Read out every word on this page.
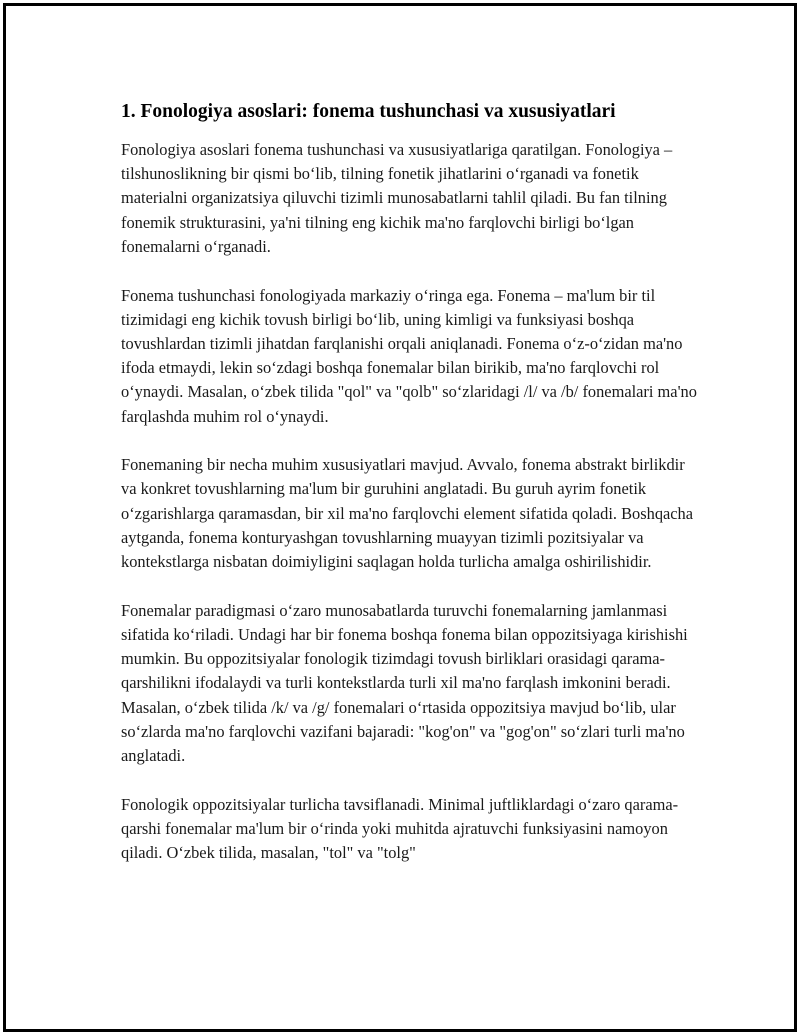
1. Fonologiya asoslari: fonema tushunchasi va xususiyatlari

Fonologiya asoslari fonema tushunchasi va xususiyatlariga qaratilgan. Fonologiya – tilshunoslikning bir qismi bo‘lib, tilning fonetik jihatlarini o‘rganadi va fonetik materialni organizatsiya qiluvchi tizimli munosabatlarni tahlil qiladi. Bu fan tilning fonemik strukturasini, ya'ni tilning eng kichik ma'no farqlovchi birligi bo‘lgan fonemalarni o‘rganadi.

Fonema tushunchasi fonologiyada markaziy o‘ringa ega. Fonema – ma'lum bir til tizimidagi eng kichik tovush birligi bo‘lib, uning kimligi va funksiyasi boshqa tovushlardan tizimli jihatdan farqlanishi orqali aniqlanadi. Fonema o‘z-o‘zidan ma'no ifoda etmaydi, lekin so‘zdagi boshqa fonemalar bilan birikib, ma'no farqlovchi rol o‘ynaydi. Masalan, o‘zbek tilida "qol" va "qolb" so‘zlaridagi /l/ va /b/ fonemalari ma'no farqlashda muhim rol o‘ynaydi.

Fonemaning bir necha muhim xususiyatlari mavjud. Avvalo, fonema abstrakt birlikdir va konkret tovushlarning ma'lum bir guruhini anglatadi. Bu guruh ayrim fonetik o‘zgarishlarga qaramasdan, bir xil ma'no farqlovchi element sifatida qoladi. Boshqacha aytganda, fonema konturyashgan tovushlarning muayyan tizimli pozitsiyalar va kontekstlarga nisbatan doimiyligini saqlagan holda turlicha amalga oshirilishidir.

Fonemalar paradigmasi o‘zaro munosabatlarda turuvchi fonemalarning jamlanmasi sifatida ko‘riladi. Undagi har bir fonema boshqa fonema bilan oppozitsiyaga kirishishi mumkin. Bu oppozitsiyalar fonologik tizimdagi tovush birliklari orasidagi qarama-qarshilikni ifodalaydi va turli kontekstlarda turli xil ma'no farqlash imkonini beradi. Masalan, o‘zbek tilida /k/ va /g/ fonemalari o‘rtasida oppozitsiya mavjud bo‘lib, ular so‘zlarda ma'no farqlovchi vazifani bajaradi: "kog'on" va "gog'on" so‘zlari turli ma'no anglatadi.

Fonologik oppozitsiyalar turlicha tavsiflanadi. Minimal juftliklardagi o‘zaro qarama-qarshi fonemalar ma'lum bir o‘rinda yoki muhitda ajratuvchi funksiyasini namoyon qiladi. O‘zbek tilida, masalan, "tol" va "tolg"
